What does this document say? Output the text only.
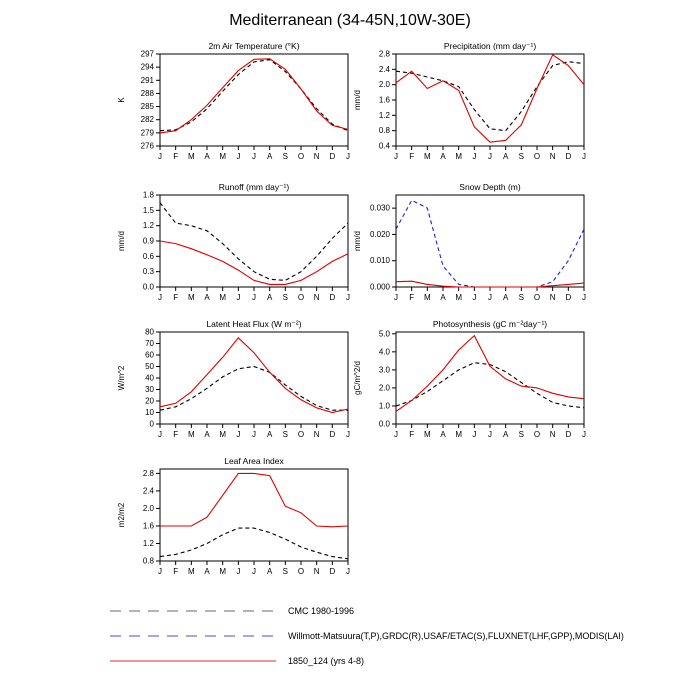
Mediterranean (34-45N,10W-30E)
2m Air Temperature (°K)
276
279
282
285
288
291
294
297
J F M A M J J A S O N D J
K
Precipitation (mm day⁻¹)
0.4
0.8
1.2
1.6
2.0
2.4
2.8
J F M A M J J A S O N D J
mm/d
Runoff (mm day⁻¹)
0.0
0.3
0.6
0.9
1.2
1.5
1.8
J F M A M J J A S O N D J
mm/d
Snow Depth (m)
0.000
0.010
0.020
0.030
J F M A M J J A S O N D J
mm/d
Latent Heat Flux (W m⁻²)
0
10
20
30
40
50
60
70
80
J F M A M J J A S O N D J
W/m^2
Photosynthesis (gC m⁻²day⁻¹)
0.0
1.0
2.0
3.0
4.0
5.0
J F M A M J J A S O N D J
gC/m^2/d
Leaf Area Index
0.8
1.2
1.6
2.0
2.4
2.8
J F M A M J J A S O N D J
m2/m2
CMC 1980-1996
Willmott-Matsuura(T,P),GRDC(R),USAF/ETAC(S),FLUXNET(LHF,GPP),MODIS(LAI)
1850_124 (yrs 4-8)
